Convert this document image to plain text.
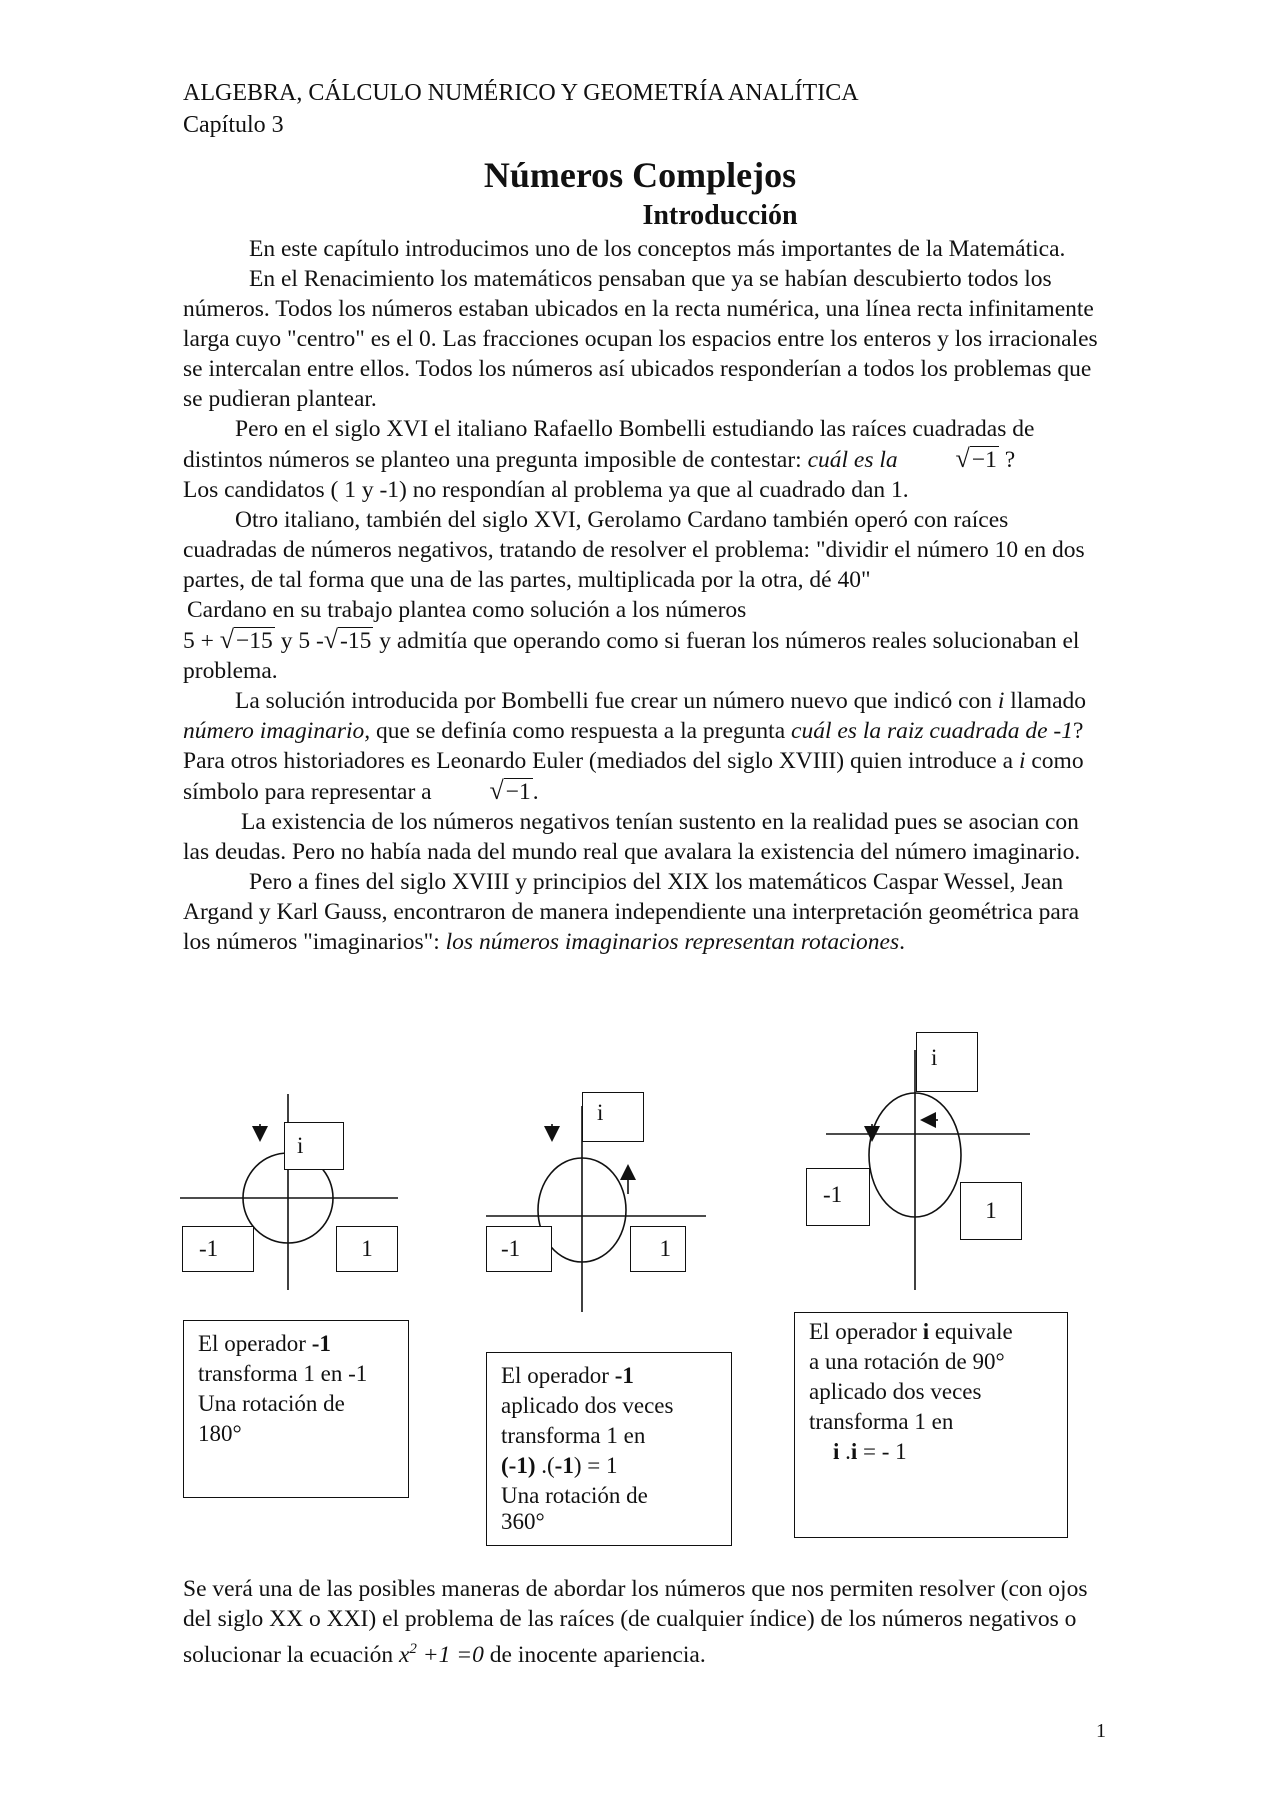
ALGEBRA, CÁLCULO NUMÉRICO Y GEOMETRÍA ANALÍTICA
Capítulo 3
Números Complejos
Introducción

En este capítulo introducimos uno de los conceptos más importantes de la Matemática.

En el Renacimiento los matemáticos pensaban que ya se habían descubierto todos los números. Todos los números estaban ubicados en la recta numérica, una línea recta infinitamente larga cuyo "centro" es el 0. Las fracciones ocupan los espacios entre los enteros y los irracionales se intercalan entre ellos. Todos los números así ubicados responderían a todos los problemas que se pudieran plantear.

Pero en el siglo XVI el italiano Rafaello Bombelli estudiando las raíces cuadradas de distintos números se planteo una pregunta imposible de contestar: cuál es la √−1 ?

Los candidatos ( 1 y -1) no respondían al problema ya que al cuadrado dan 1.

Otro italiano, también del siglo XVI, Gerolamo Cardano también operó con raíces cuadradas de números negativos, tratando de resolver el problema: "dividir el número 10 en dos partes, de tal forma que una de las partes, multiplicada por la otra, dé 40"

Cardano en su trabajo plantea como solución a los números

5 + √−15 y 5 -√-15 y admitía que operando como si fueran los números reales solucionaban el problema.

La solución introducida por Bombelli fue crear un número nuevo que indicó con i llamado número imaginario, que se definía como respuesta a la pregunta cuál es la raiz cuadrada de -1? Para otros historiadores es Leonardo Euler (mediados del siglo XVIII) quien introduce a i como símbolo para representar a √−1.

La existencia de los números negativos tenían sustento en la realidad pues se asocian con las deudas. Pero no había nada del mundo real que avalara la existencia del número imaginario.

Pero a fines del siglo XVIII y principios del XIX los matemáticos Caspar Wessel, Jean Argand y Karl Gauss, encontraron de manera independiente una interpretación geométrica para los números "imaginarios": los números imaginarios representan rotaciones.

i
-1	1
i
-1	1
i
-1
1
El operador -1
transforma 1 en -1
Una rotación de
180°
El operador -1
aplicado dos veces
transforma 1 en
(-1) .(-1) = 1
Una rotación de
360°
El operador i equivale
a una rotación de 90°
aplicado dos veces
transforma 1 en
i .i = - 1
Se verá una de las posibles maneras de abordar los números que nos permiten resolver (con ojos del siglo XX o XXI) el problema de las raíces (de cualquier índice) de los números negativos o solucionar la ecuación $x^2 +1 =0$ de inocente apariencia.
1
